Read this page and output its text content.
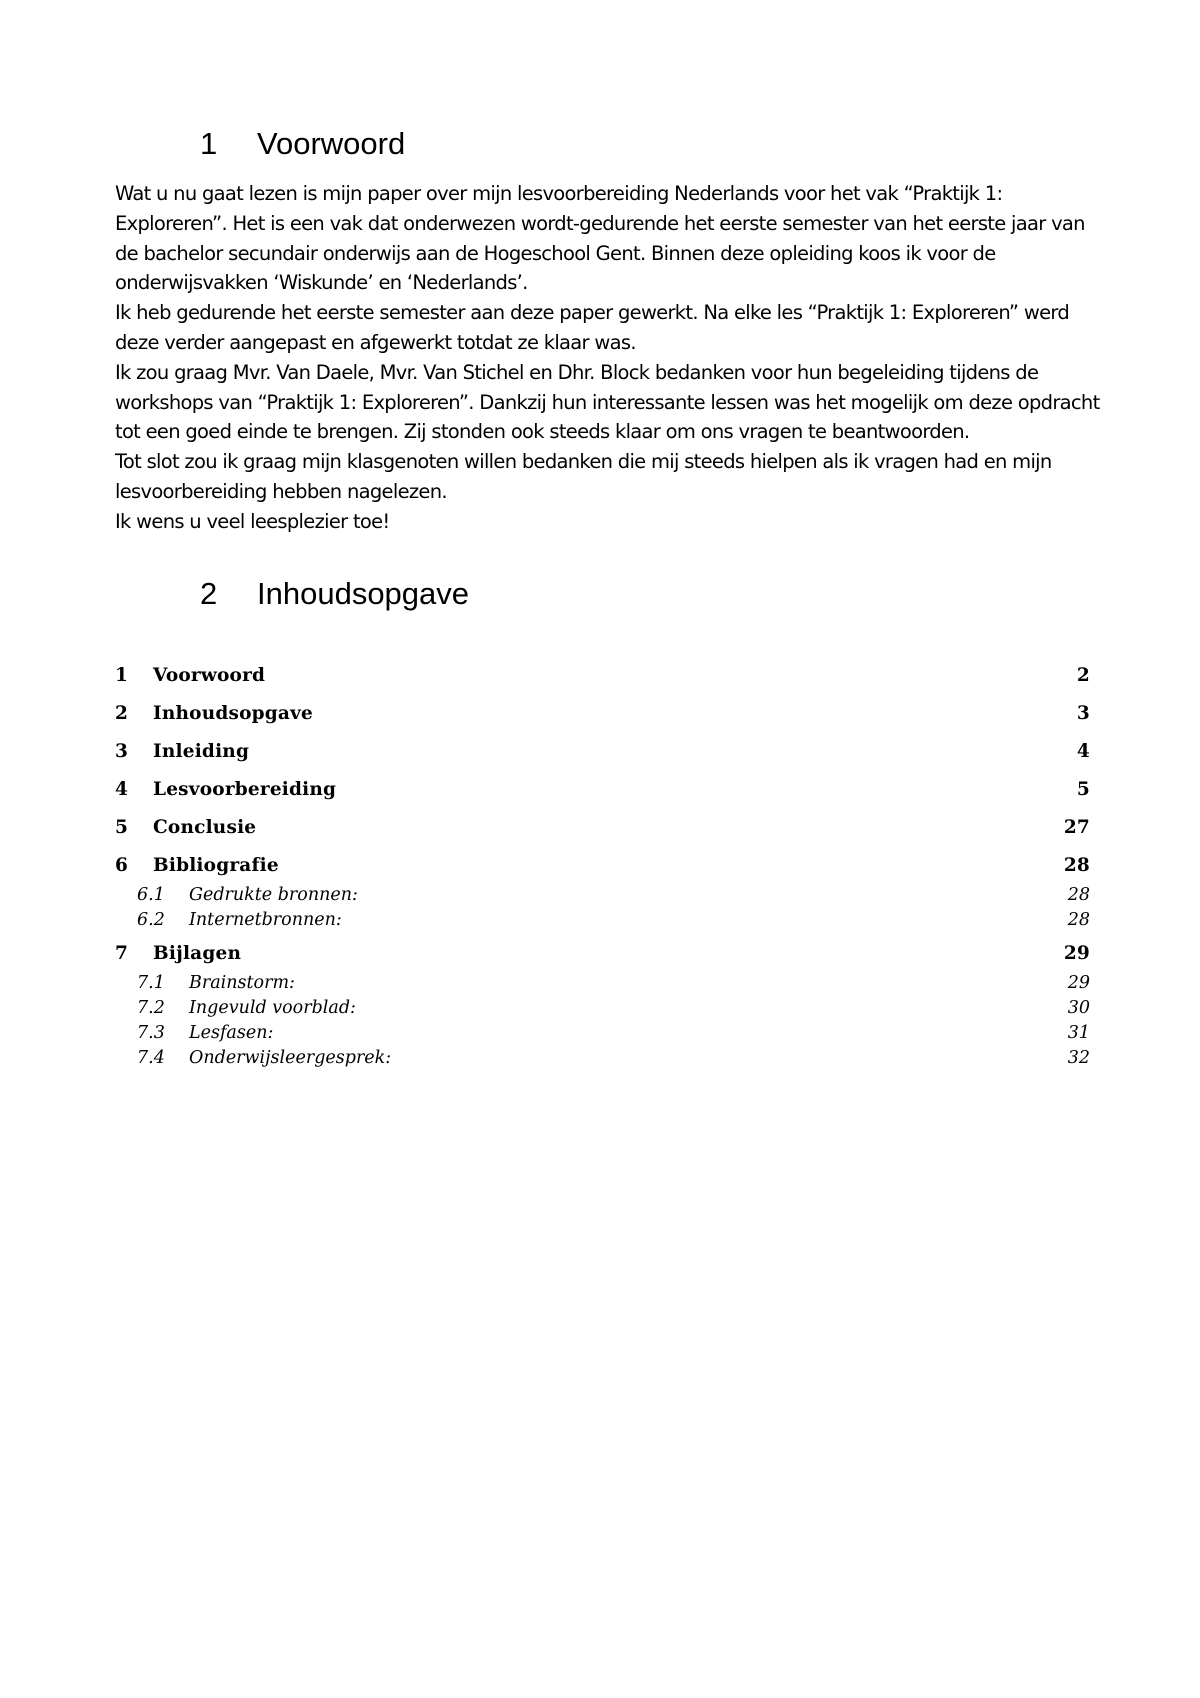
1 Voorwoord

Wat u nu gaat lezen is mijn paper over mijn lesvoorbereiding Nederlands voor het vak “Praktijk 1: Exploreren”. Het is een vak dat onderwezen wordt-gedurende het eerste semester van het eerste jaar van de bachelor secundair onderwijs aan de Hogeschool Gent. Binnen deze opleiding koos ik voor de onderwijsvakken ‘Wiskunde’ en ‘Nederlands’.

Ik heb gedurende het eerste semester aan deze paper gewerkt. Na elke les “Praktijk 1: Exploreren” werd deze verder aangepast en afgewerkt totdat ze klaar was.

Ik zou graag Mvr. Van Daele, Mvr. Van Stichel en Dhr. Block bedanken voor hun begeleiding tijdens de workshops van “Praktijk 1: Exploreren”. Dankzij hun interessante lessen was het mogelijk om deze opdracht tot een goed einde te brengen. Zij stonden ook steeds klaar om ons vragen te beantwoorden.

Tot slot zou ik graag mijn klasgenoten willen bedanken die mij steeds hielpen als ik vragen had en mijn lesvoorbereiding hebben nagelezen.

Ik wens u veel leesplezier toe!

2 Inhoudsopgave
1 Voorwoord	2
2 Inhoudsopgave	3
3 Inleiding	4
4 Lesvoorbereiding	5
5 Conclusie	27
6 Bibliografie	28
6.1 Gedrukte bronnen:	28
6.2 Internetbronnen:	28
7 Bijlagen	29
7.1 Brainstorm:	29
7.2 Ingevuld voorblad:	30
7.3 Lesfasen:	31
7.4 Onderwijsleergesprek:	32
